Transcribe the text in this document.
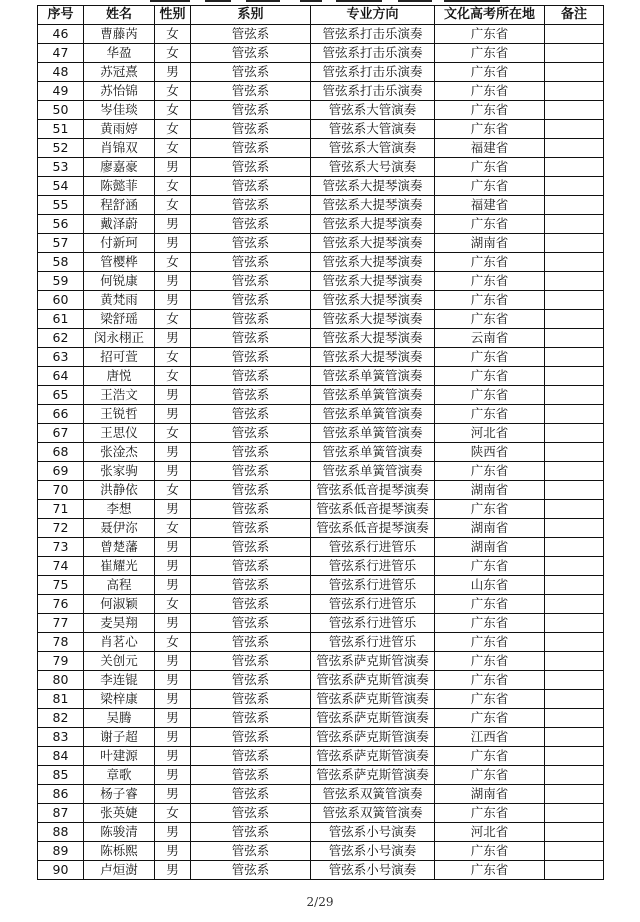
序号	姓名	性别	系别	专业方向	文化高考所在地	备注
46	曹藤芮	女	管弦系	管弦系打击乐演奏	广东省	
47	华盈	女	管弦系	管弦系打击乐演奏	广东省	
48	苏冠熹	男	管弦系	管弦系打击乐演奏	广东省	
49	苏怡锦	女	管弦系	管弦系打击乐演奏	广东省	
50	岑佳琰	女	管弦系	管弦系大管演奏	广东省	
51	黄雨婷	女	管弦系	管弦系大管演奏	广东省	
52	肖锦双	女	管弦系	管弦系大管演奏	福建省	
53	廖嘉豪	男	管弦系	管弦系大号演奏	广东省	
54	陈懿菲	女	管弦系	管弦系大提琴演奏	广东省	
55	程舒涵	女	管弦系	管弦系大提琴演奏	福建省	
56	戴泽蔚	男	管弦系	管弦系大提琴演奏	广东省	
57	付新珂	男	管弦系	管弦系大提琴演奏	湖南省	
58	管樱桦	女	管弦系	管弦系大提琴演奏	广东省	
59	何锐康	男	管弦系	管弦系大提琴演奏	广东省	
60	黄梵雨	男	管弦系	管弦系大提琴演奏	广东省	
61	梁舒瑶	女	管弦系	管弦系大提琴演奏	广东省	
62	闵永栩正	男	管弦系	管弦系大提琴演奏	云南省	
63	招可萱	女	管弦系	管弦系大提琴演奏	广东省	
64	唐悦	女	管弦系	管弦系单簧管演奏	广东省	
65	王浩文	男	管弦系	管弦系单簧管演奏	广东省	
66	王锐哲	男	管弦系	管弦系单簧管演奏	广东省	
67	王思仪	女	管弦系	管弦系单簧管演奏	河北省	
68	张淦杰	男	管弦系	管弦系单簧管演奏	陕西省	
69	张家驹	男	管弦系	管弦系单簧管演奏	广东省	
70	洪静依	女	管弦系	管弦系低音提琴演奏	湖南省	
71	李想	男	管弦系	管弦系低音提琴演奏	广东省	
72	聂伊沵	女	管弦系	管弦系低音提琴演奏	湖南省	
73	曾楚藩	男	管弦系	管弦系行进管乐	湖南省	
74	崔耀光	男	管弦系	管弦系行进管乐	广东省	
75	高程	男	管弦系	管弦系行进管乐	山东省	
76	何淑颖	女	管弦系	管弦系行进管乐	广东省	
77	麦昊翔	男	管弦系	管弦系行进管乐	广东省	
78	肖茗心	女	管弦系	管弦系行进管乐	广东省	
79	关创元	男	管弦系	管弦系萨克斯管演奏	广东省	
80	李连锟	男	管弦系	管弦系萨克斯管演奏	广东省	
81	梁梓康	男	管弦系	管弦系萨克斯管演奏	广东省	
82	吴腾	男	管弦系	管弦系萨克斯管演奏	广东省	
83	谢子超	男	管弦系	管弦系萨克斯管演奏	江西省	
84	叶建源	男	管弦系	管弦系萨克斯管演奏	广东省	
85	章歌	男	管弦系	管弦系萨克斯管演奏	广东省	
86	杨子睿	男	管弦系	管弦系双簧管演奏	湖南省	
87	张英婕	女	管弦系	管弦系双簧管演奏	广东省	
88	陈骏清	男	管弦系	管弦系小号演奏	河北省	
89	陈栎熙	男	管弦系	管弦系小号演奏	广东省	
90	卢烜澍	男	管弦系	管弦系小号演奏	广东省	
2/29
